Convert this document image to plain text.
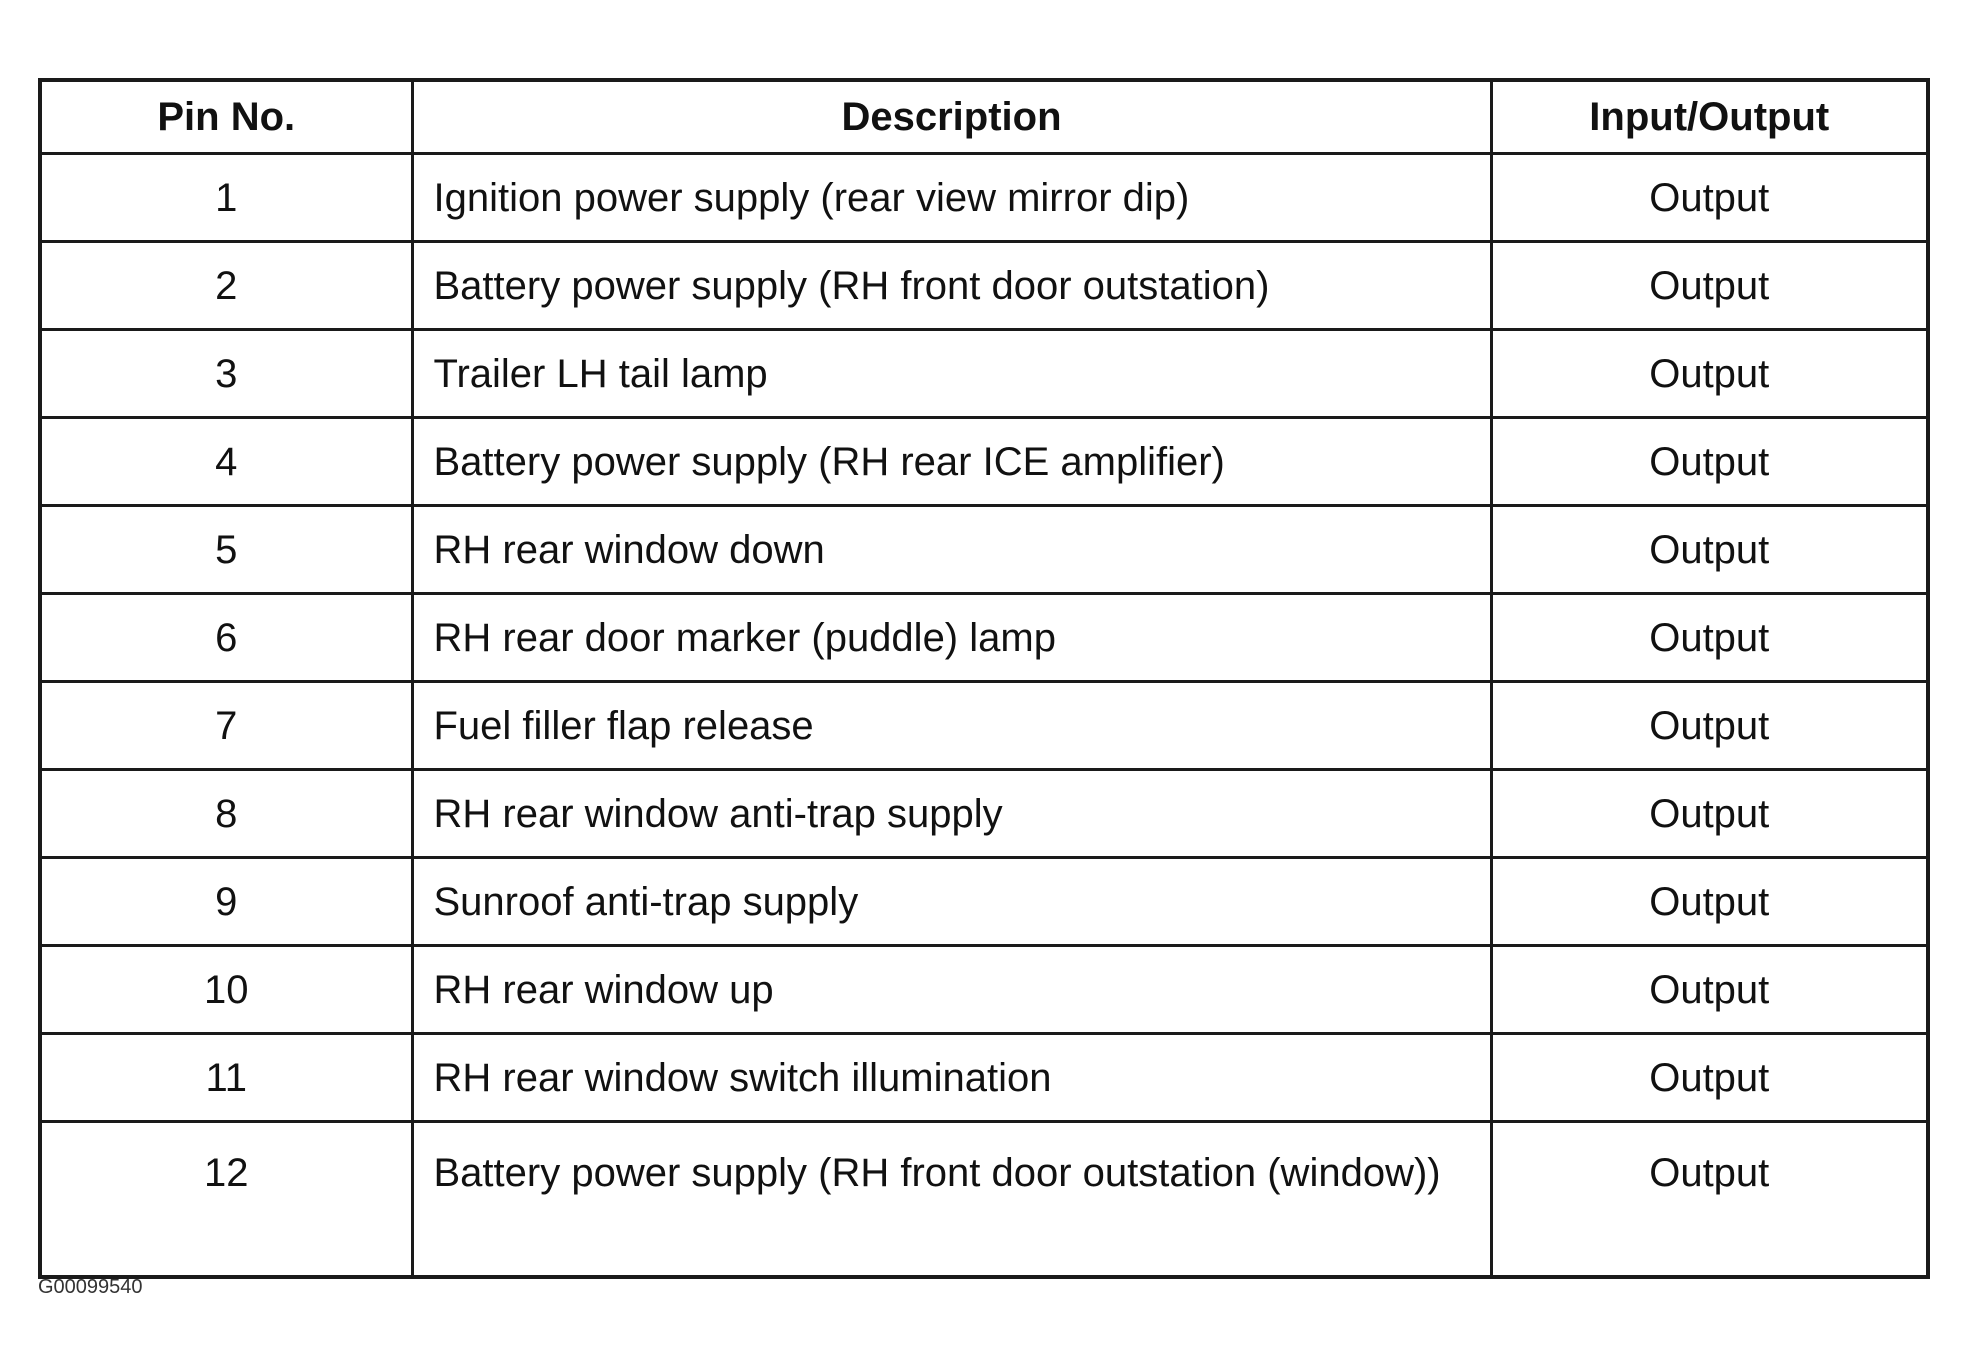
Pin No.	Description	Input/Output
1	Ignition power supply (rear view mirror dip)	Output
2	Battery power supply (RH front door outstation)	Output
3	Trailer LH tail lamp	Output
4	Battery power supply (RH rear ICE amplifier)	Output
5	RH rear window down	Output
6	RH rear door marker (puddle) lamp	Output
7	Fuel filler flap release	Output
8	RH rear window anti-trap supply	Output
9	Sunroof anti-trap supply	Output
10	RH rear window up	Output
11	RH rear window switch illumination	Output
12	Battery power supply (RH front door outstation (window))	Output
G00099540
